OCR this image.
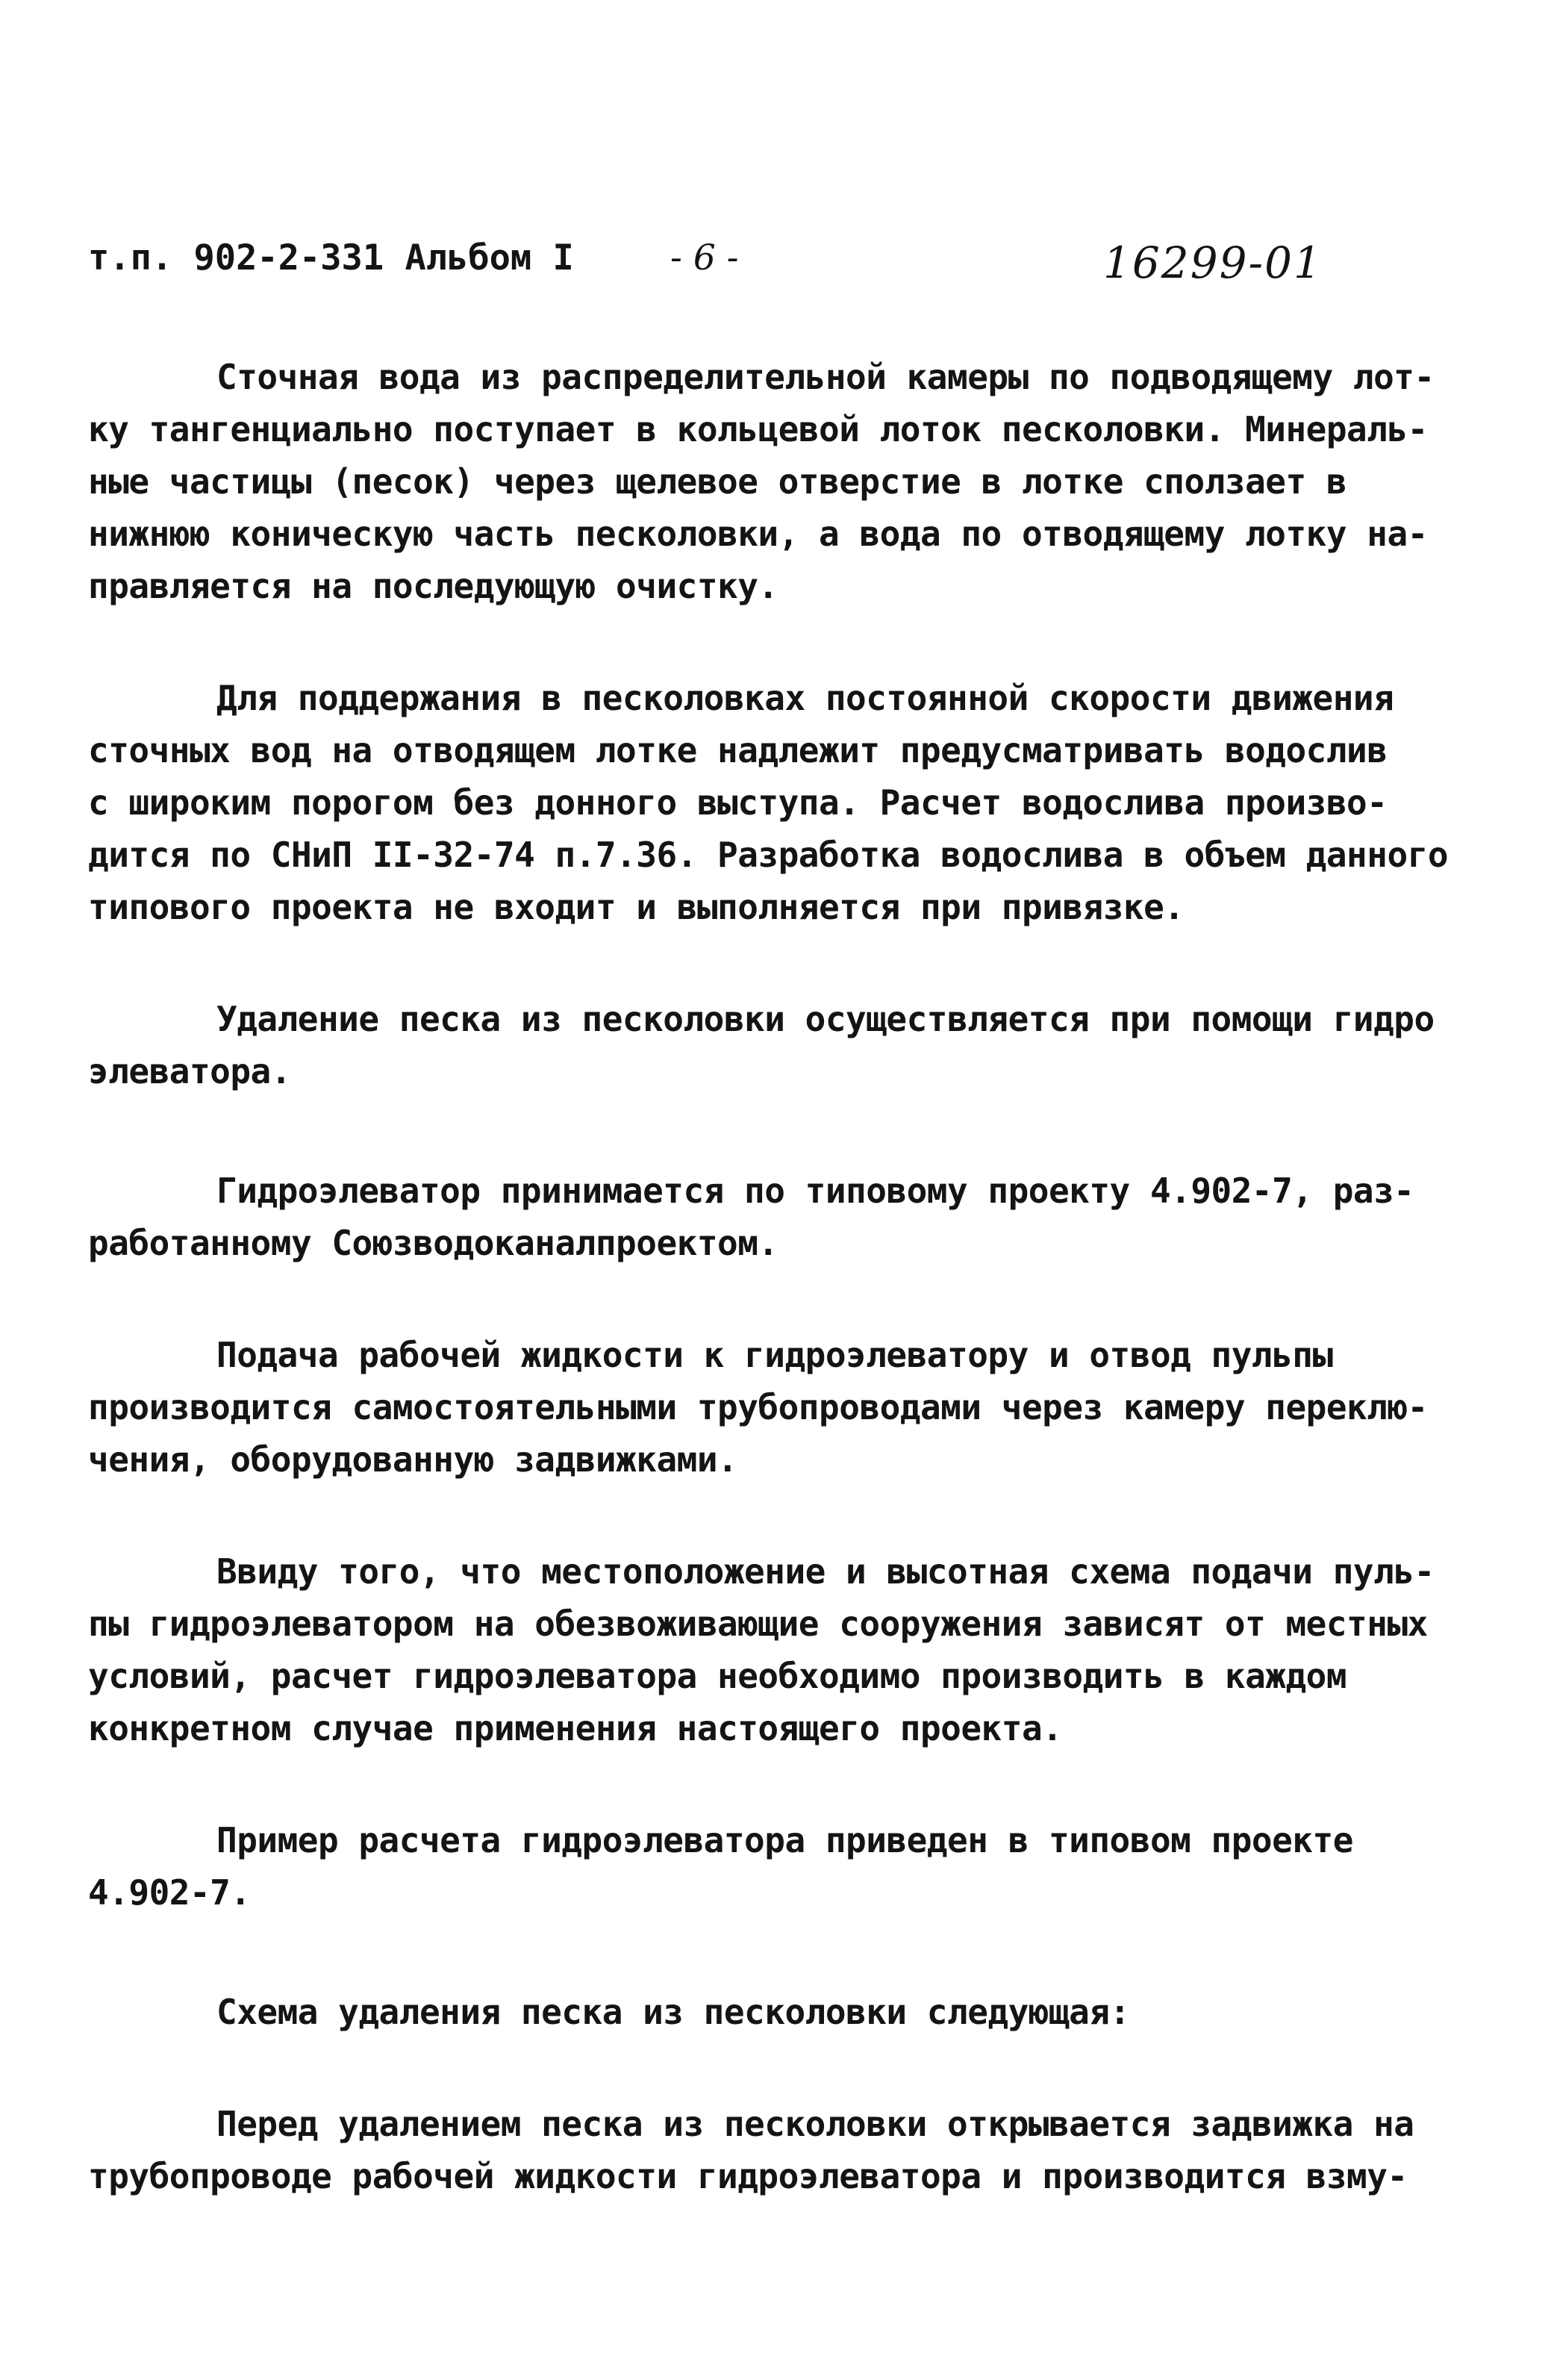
т.п. 902-2-331 Альбом I	- 6 -	16299-01

Сточная вода из распределительной камеры по подводящему лот-
ку тангенциально поступает в кольцевой лоток песколовки. Минераль-
ные частицы (песок) через щелевое отверстие в лотке сползает в
нижнюю коническую часть песколовки, а вода по отводящему лотку на-
правляется на последующую очистку.

Для поддержания в песколовках постоянной скорости движения
сточных вод на отводящем лотке надлежит предусматривать водослив
с широким порогом без донного выступа. Расчет водослива произво-
дится по СНиП II-32-74 п.7.36. Разработка водослива в объем данного
типового проекта не входит и выполняется при привязке.

Удаление песка из песколовки осуществляется при помощи гидро
элеватора.

Гидроэлеватор принимается по типовому проекту 4.902-7, раз-
работанному Союзводоканалпроектом.

Подача рабочей жидкости к гидроэлеватору и отвод пульпы
производится самостоятельными трубопроводами через камеру переклю-
чения, оборудованную задвижками.

Ввиду того, что местоположение и высотная схема подачи пуль-
пы гидроэлеватором на обезвоживающие сооружения зависят от местных
условий, расчет гидроэлеватора необходимо производить в каждом
конкретном случае применения настоящего проекта.

Пример расчета гидроэлеватора приведен в типовом проекте
4.902-7.

Схема удаления песка из песколовки следующая:

Перед удалением песка из песколовки открывается задвижка на
трубопроводе рабочей жидкости гидроэлеватора и производится взму-
